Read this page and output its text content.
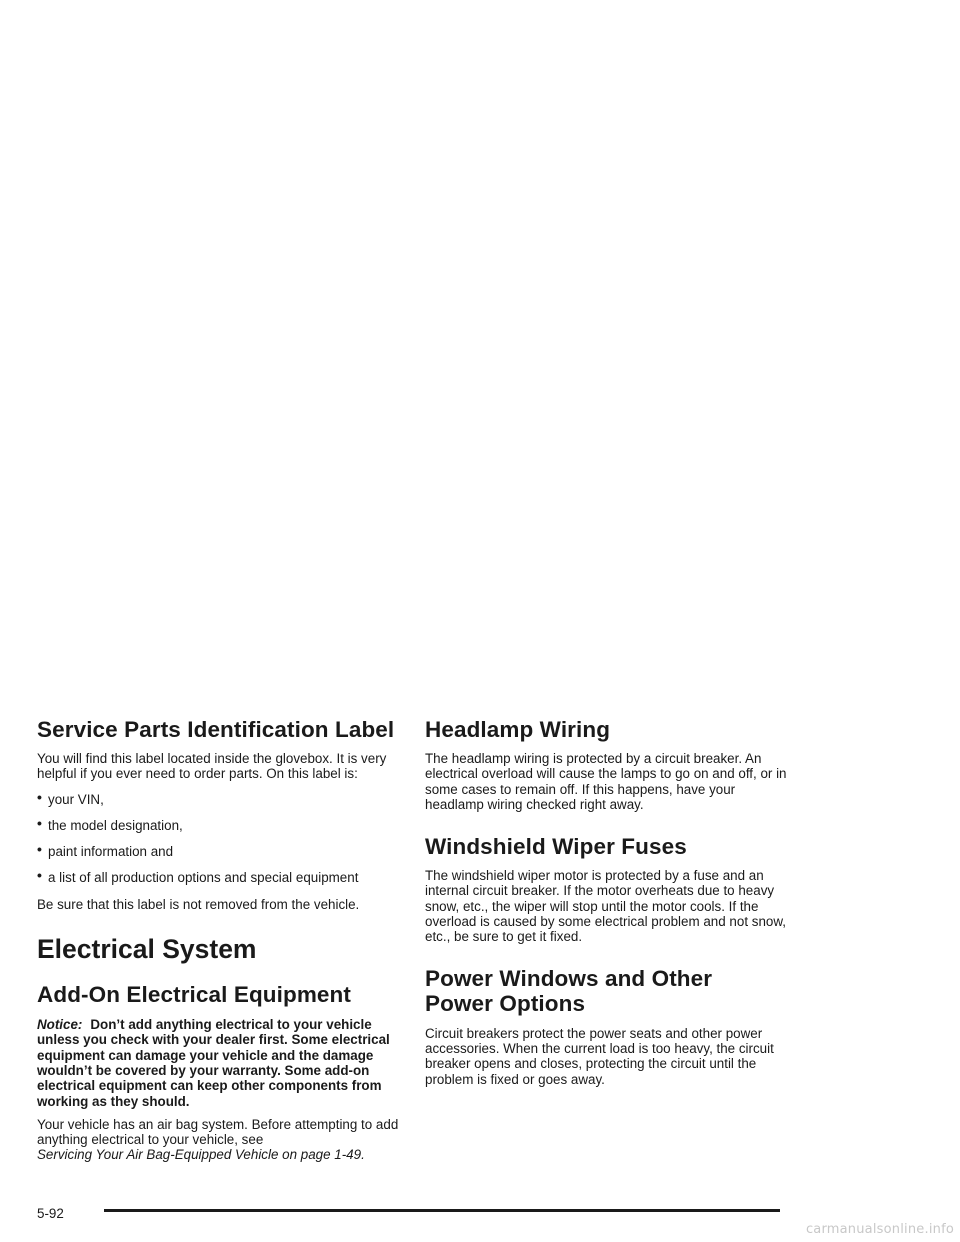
Service Parts Identification Label

You will find this label located inside the glovebox. It is very helpful if you ever need to order parts. On this label is:

• your VIN,
• the model designation,
• paint information and
• a list of all production options and special equipment

Be sure that this label is not removed from the vehicle.

Electrical System
Add-On Electrical Equipment

Notice: Don’t add anything electrical to your vehicle unless you check with your dealer first. Some electrical equipment can damage your vehicle and the damage wouldn’t be covered by your warranty. Some add-on electrical equipment can keep other components from working as they should.

Your vehicle has an air bag system. Before attempting to add anything electrical to your vehicle, see
Servicing Your Air Bag-Equipped Vehicle on page 1-49.

Headlamp Wiring

The headlamp wiring is protected by a circuit breaker. An electrical overload will cause the lamps to go on and off, or in some cases to remain off. If this happens, have your headlamp wiring checked right away.

Windshield Wiper Fuses

The windshield wiper motor is protected by a fuse and an internal circuit breaker. If the motor overheats due to heavy snow, etc., the wiper will stop until the motor cools. If the overload is caused by some electrical problem and not snow, etc., be sure to get it fixed.

Power Windows and Other Power Options

Circuit breakers protect the power seats and other power accessories. When the current load is too heavy, the circuit breaker opens and closes, protecting the circuit until the problem is fixed or goes away.

5-92
carmanualsonline.info
